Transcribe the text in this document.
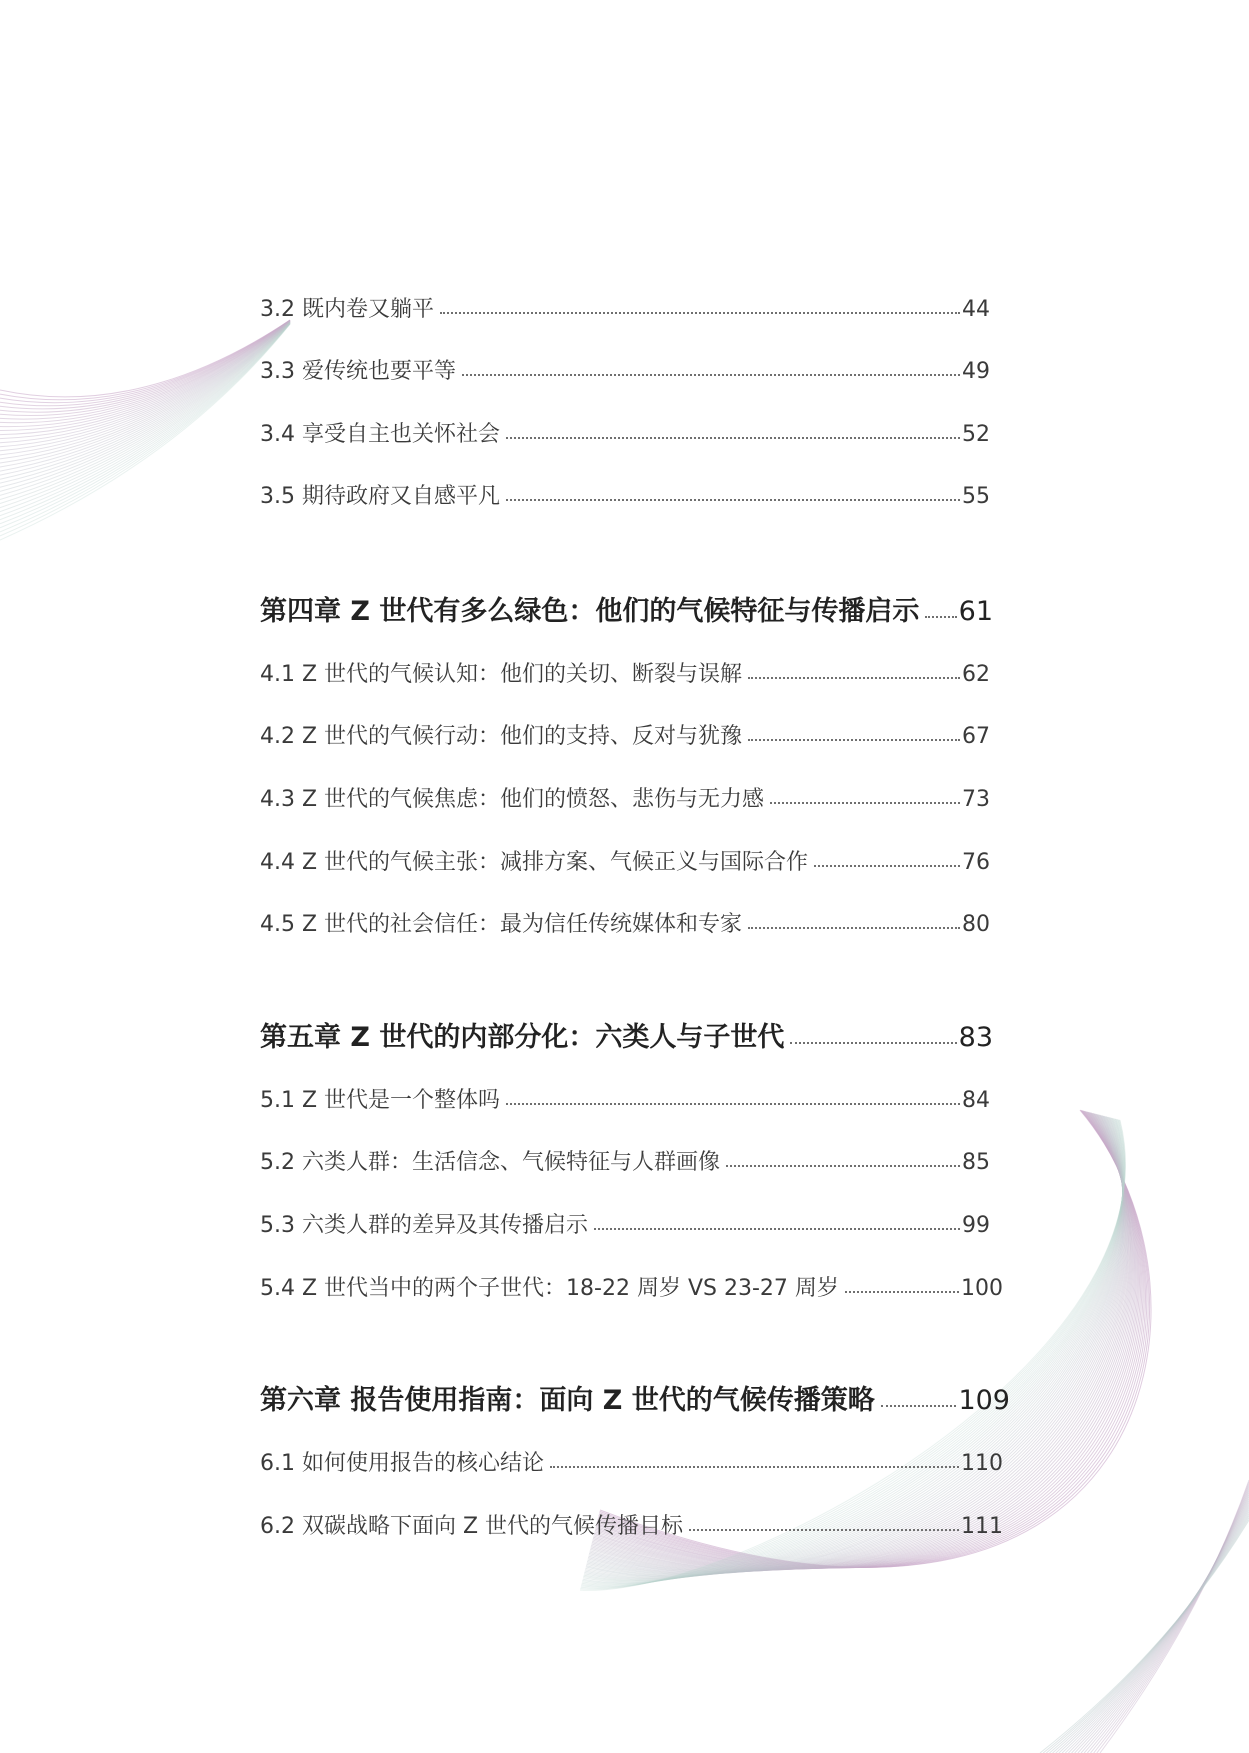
3.2 既内卷又躺平	44
3.3 爱传统也要平等	49
3.4 享受自主也关怀社会	52
3.5 期待政府又自感平凡	55
第四章 Z 世代有多么绿色：他们的气候特征与传播启示 61
4.1 Z 世代的气候认知：他们的关切、断裂与误解	62
4.2 Z 世代的气候行动：他们的支持、反对与犹豫	67
4.3 Z 世代的气候焦虑：他们的愤怒、悲伤与无力感	73
4.4 Z 世代的气候主张：减排方案、气候正义与国际合作	76
4.5 Z 世代的社会信任：最为信任传统媒体和专家	80
第五章 Z 世代的内部分化：六类人与子世代	83
5.1 Z 世代是一个整体吗	84
5.2 六类人群：生活信念、气候特征与人群画像	85
5.3 六类人群的差异及其传播启示	99
5.4 Z 世代当中的两个子世代：18-22 周岁 VS 23-27 周岁	100
第六章 报告使用指南：面向 Z 世代的气候传播策略	109
6.1 如何使用报告的核心结论	110
6.2 双碳战略下面向 Z 世代的气候传播目标	111
